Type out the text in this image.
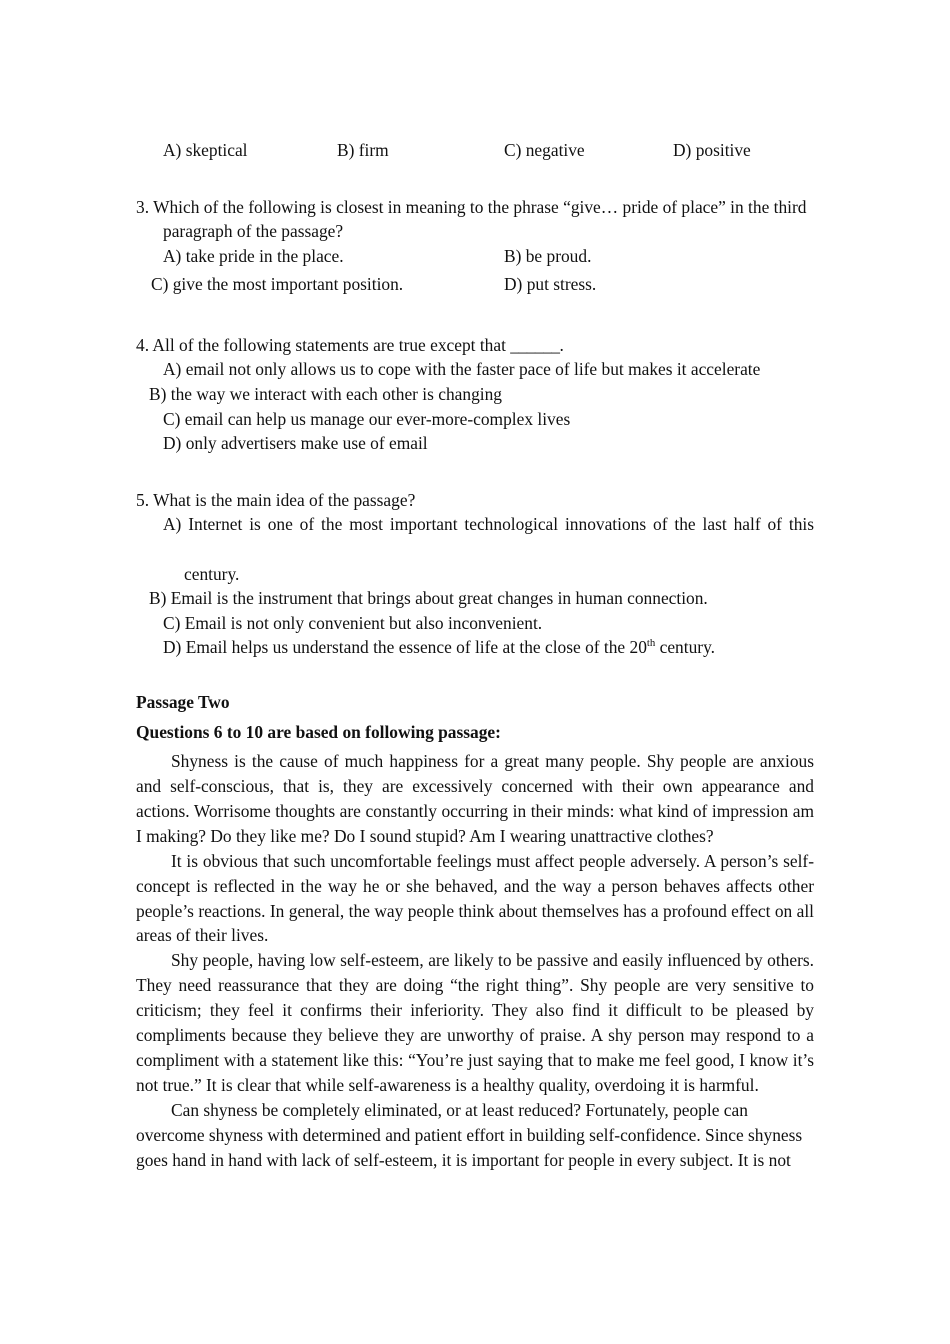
A) skeptical	B) firm	C) negative	D) positive
3. Which of the following is closest in meaning to the phrase “give… pride of place” in the third
paragraph of the passage?
A) take pride in the place.	B) be proud.
C) give the most important position.	D) put stress.
4. All of the following statements are true except that ______.
A) email not only allows us to cope with the faster pace of life but makes it accelerate
B) the way we interact with each other is changing
C) email can help us manage our ever-more-complex lives
D) only advertisers make use of email
5. What is the main idea of the passage?
A) Internet is one of the most important technological innovations of the last half of this
century.
B) Email is the instrument that brings about great changes in human connection.
C) Email is not only convenient but also inconvenient.
D) Email helps us understand the essence of life at the close of the 20th century.
Passage Two
Questions 6 to 10 are based on following passage:

Shyness is the cause of much happiness for a great many people. Shy people are anxious and self-conscious, that is, they are excessively concerned with their own appearance and actions. Worrisome thoughts are constantly occurring in their minds: what kind of impression am I making? Do they like me? Do I sound stupid? Am I wearing unattractive clothes?

It is obvious that such uncomfortable feelings must affect people adversely. A person’s self-concept is reflected in the way he or she behaved, and the way a person behaves affects other people’s reactions. In general, the way people think about themselves has a profound effect on all areas of their lives.

Shy people, having low self-esteem, are likely to be passive and easily influenced by others. They need reassurance that they are doing “the right thing”. Shy people are very sensitive to criticism; they feel it confirms their inferiority. They also find it difficult to be pleased by compliments because they believe they are unworthy of praise. A shy person may respond to a compliment with a statement like this: “You’re just saying that to make me feel good, I know it’s not true.” It is clear that while self-awareness is a healthy quality, overdoing it is harmful.

Can shyness be completely eliminated, or at least reduced? Fortunately, people can overcome shyness with determined and patient effort in building self-confidence. Since shyness goes hand in hand with lack of self-esteem, it is important for people in every subject. It is not
